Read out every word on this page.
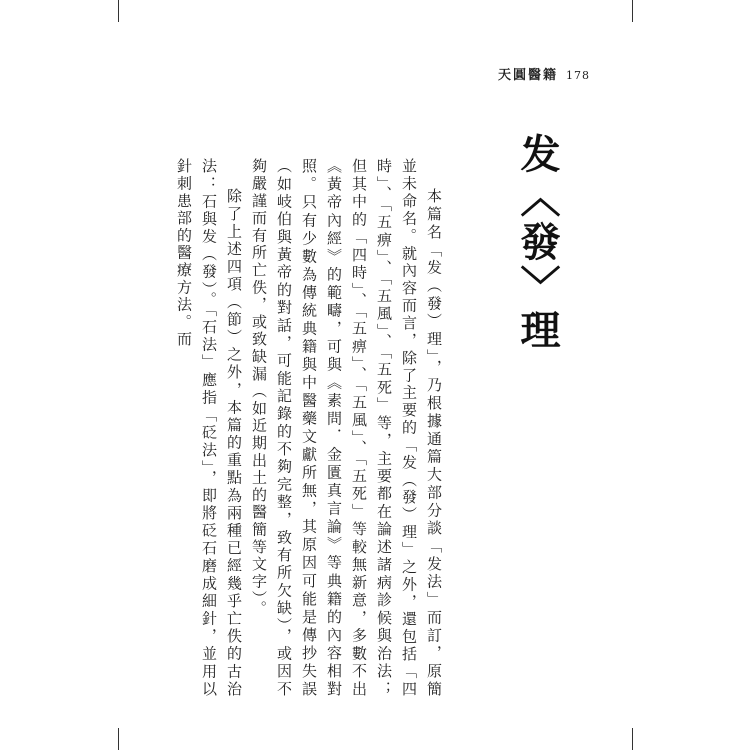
天圓醫籍 178
发〈發〉理

本篇名「发（發）理」，乃根據通篇大部分談「发法」而訂，原簡並未命名。就內容而言，除了主要的「发（發）理」之外，還包括「四時」、「五痹」、「五風」、「五死」等，主要都在論述諸病診候與治法；但其中的「四時」、「五痹」、「五風」、「五死」等較無新意，多數不出《黃帝內經》的範疇，可與《素問．金匱真言論》等典籍的內容相對照。只有少數為傳統典籍與中醫藥文獻所無，其原因可能是傳抄失誤（如岐伯與黃帝的對話，可能記錄的不夠完整，致有所欠缺），或因不夠嚴謹而有所亡佚，或致缺漏（如近期出土的醫簡等文字）。

除了上述四項（節）之外，本篇的重點為兩種已經幾乎亡佚的古治法：石與发（發）。「石法」應指「砭法」，即將砭石磨成細針，並用以針刺患部的醫療方法。而
